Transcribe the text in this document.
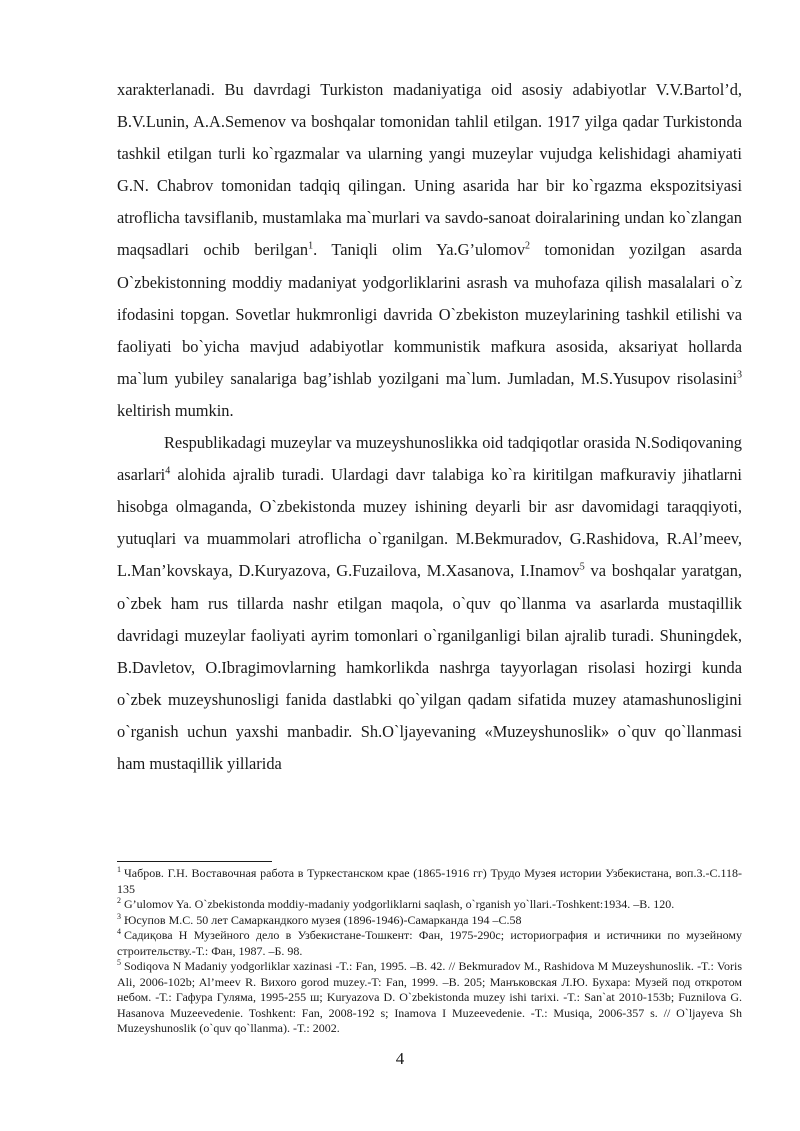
xarakterlanadi. Bu davrdagi Turkiston madaniyatiga oid asosiy adabiyotlar V.V.Bartol’d, B.V.Lunin, A.A.Semenov va boshqalar tomonidan tahlil etilgan. 1917 yilga qadar Turkistonda tashkil etilgan turli ko`rgazmalar va ularning yangi muzeylar vujudga kelishidagi ahamiyati G.N. Chabrov tomonidan tadqiq qilingan. Uning asarida har bir ko`rgazma ekspozitsiyasi atroflicha tavsiflanib, mustamlaka ma`murlari va savdo-sanoat doiralarining undan ko`zlangan maqsadlari ochib berilgan$^1$. Taniqli olim Ya.G’ulomov$^2$ tomonidan yozilgan asarda O`zbekistonning moddiy madaniyat yodgorliklarini asrash va muhofaza qilish masalalari o`z ifodasini topgan. Sovetlar hukmronligi davrida O`zbekiston muzeylarining tashkil etilishi va faoliyati bo`yicha mavjud adabiyotlar kommunistik mafkura asosida, aksariyat hollarda ma`lum yubiley sanalariga bag’ishlab yozilgani ma`lum. Jumladan, M.S.Yusupov risolasini$^3$ keltirish mumkin.

Respublikadagi muzeylar va muzeyshunoslikka oid tadqiqotlar orasida N.Sodiqovaning asarlari$^4$ alohida ajralib turadi. Ulardagi davr talabiga ko`ra kiritilgan mafkuraviy jihatlarni hisobga olmaganda, O`zbekistonda muzey ishining deyarli bir asr davomidagi taraqqiyoti, yutuqlari va muammolari atroflicha o`rganilgan. M.Bekmuradov, G.Rashidova, R.Al’meev, L.Man’kovskaya, D.Kuryazova, G.Fuzailova, M.Xasanova, I.Inamov$^5$ va boshqalar yaratgan, o`zbek ham rus tillarda nashr etilgan maqola, o`quv qo`llanma va asarlarda mustaqillik davridagi muzeylar faoliyati ayrim tomonlari o`rganilganligi bilan ajralib turadi. Shuningdek, B.Davletov, O.Ibragimovlarning hamkorlikda nashrga tayyorlagan risolasi hozirgi kunda o`zbek muzeyshunosligi fanida dastlabki qo`yilgan qadam sifatida muzey atamashunosligini o`rganish uchun yaxshi manbadir. Sh.O`ljayevaning «Muzeyshunoslik» o`quv qo`llanmasi ham mustaqillik yillarida

$^1$ Чабров. Г.Н. Воставочная работа в Туркестанском крае (1865-1916 гг) Трудо Музея истории Узбекистана, воп.3.-С.118-135

$^2$ G’ulomov Ya. O`zbekistonda moddiy-madaniy yodgorliklarni saqlash, o`rganish yo`llari.-Toshkent:1934. –B. 120.

$^3$ Юсупов М.С. 50 лет Самаркандкого музея (1896-1946)-Самарканда 194 –С.58

$^4$ Садиқова Н Музейного дело в Узбекистане-Тошкент: Фан, 1975-290с; историография и истичники по музейному строительству.-Т.: Фан, 1987. –Б. 98.

$^5$ Sodiqova N Madaniy yodgorliklar xazinasi -T.: Fan, 1995. –B. 42. // Bekmuradov M., Rashidova M Muzeyshunoslik. -T.: Voris Ali, 2006-102b; Al’meev R. Bихоro gorod muzey.-T: Fan, 1999. –B. 205; Манъковская Л.Ю. Бухара: Музей под откротом небом. -Т.: Гафура Гуляма, 1995-255 ш; Kuryazova D. O`zbekistonda muzey ishi tarixi. -T.: San`at 2010-153b; Fuznilova G. Hasanova Muzeevedenie. Toshkent: Fan, 2008-192 s; Inamova I Muzeevedenie. -T.: Musiqa, 2006-357 s. // O`ljayeva Sh Muzeyshunoslik (o`quv qo`llanma). -T.: 2002.

4
